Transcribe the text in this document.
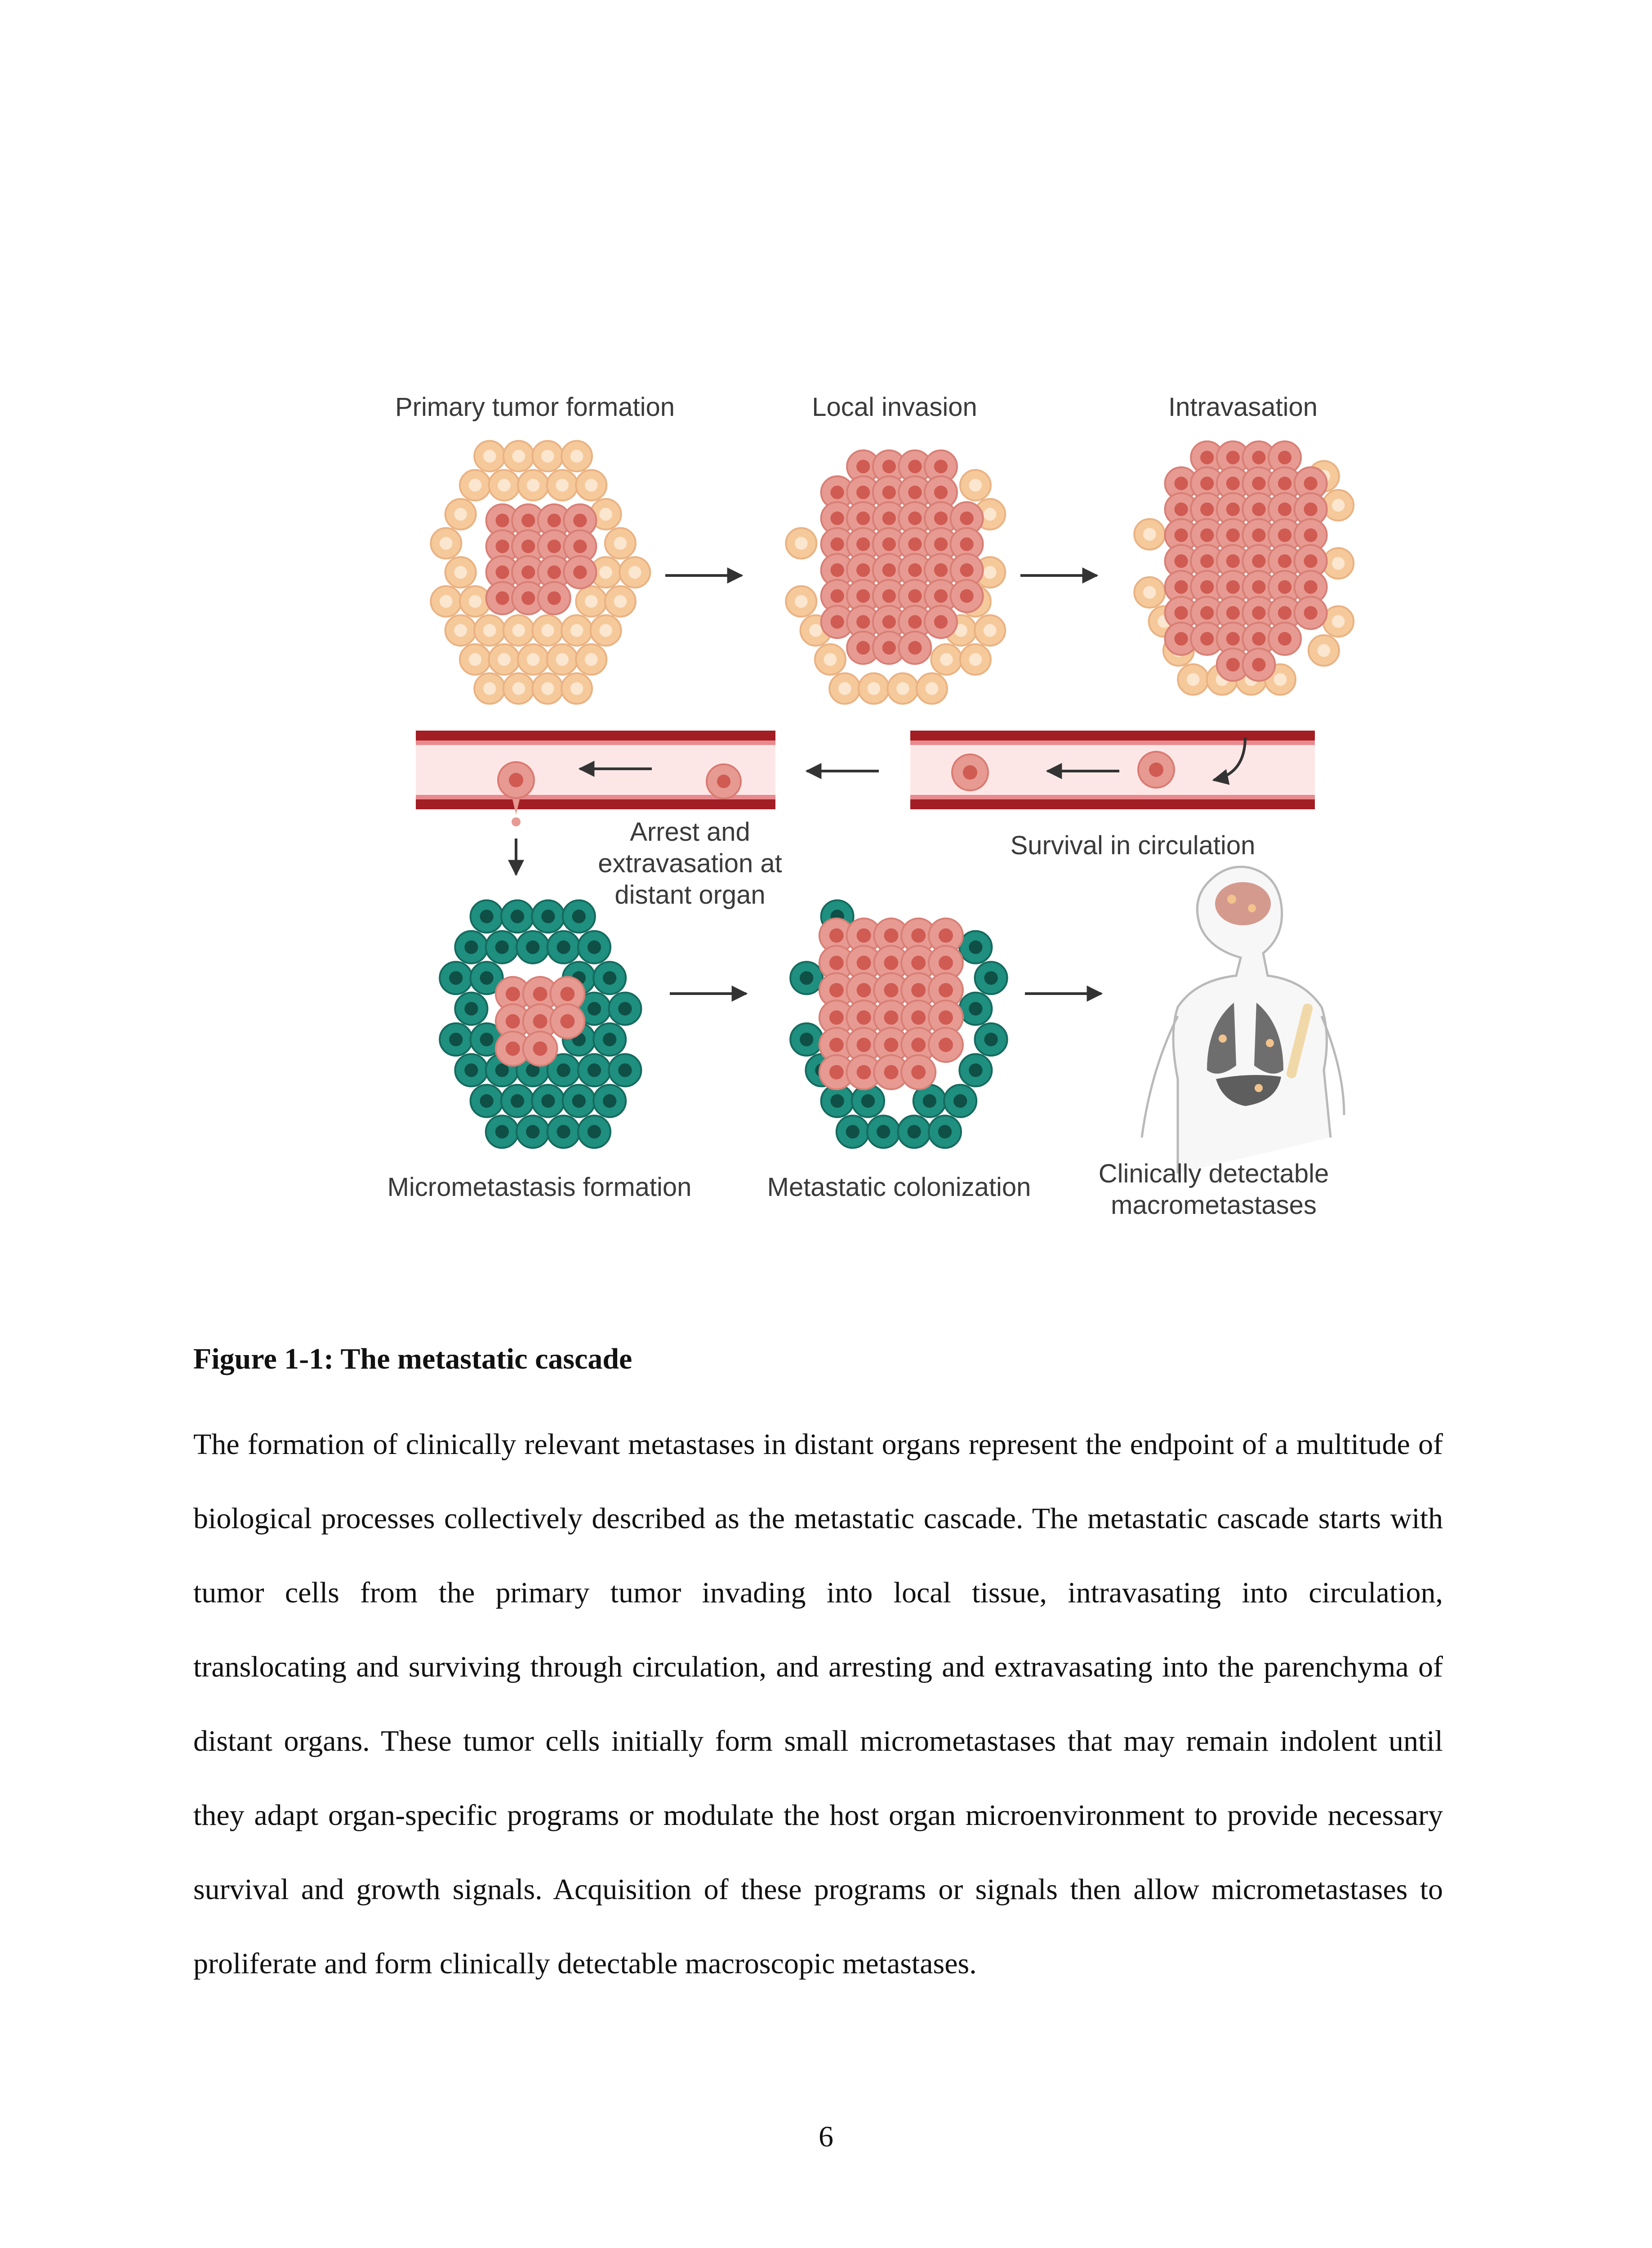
Primary tumor formation	Local invasion	Intravasation
Arrest and
extravasation at
distant organ
Survival in circulation
Micrometastasis formation	Metastatic colonization	Clinically detectable
macrometastases
Figure 1-1: The metastatic cascade

The formation of clinically relevant metastases in distant organs represent the endpoint of a multitude of biological processes collectively described as the metastatic cascade. The metastatic cascade starts with tumor cells from the primary tumor invading into local tissue, intravasating into circulation, translocating and surviving through circulation, and arresting and extravasating into the parenchyma of distant organs. These tumor cells initially form small micrometastases that may remain indolent until they adapt organ-specific programs or modulate the host organ microenvironment to provide necessary survival and growth signals. Acquisition of these programs or signals then allow micrometastases to proliferate and form clinically detectable macroscopic metastases.

6
